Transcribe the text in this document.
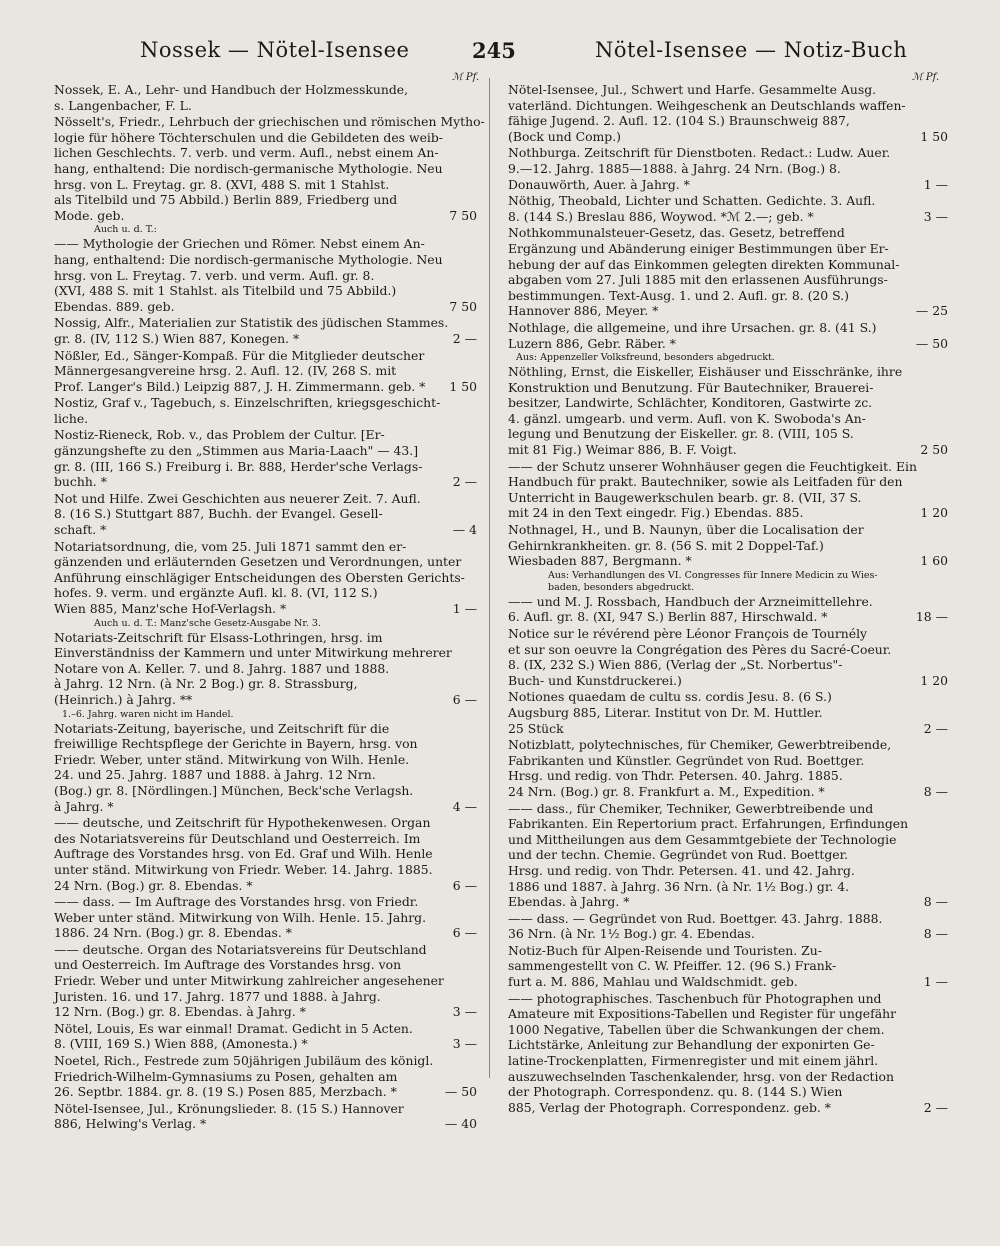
Nossek — Nötel-Isensee	245	Nötel-Isensee — Notiz-Buch
ℳ Pf.	ℳ Pf.
Nossek, E. A., Lehr- und Handbuch der Holzmesskunde,
s. Langenbacher, F. L.
Nösselt's, Friedr., Lehrbuch der griechischen und römischen Mytho-
logie für höhere Töchterschulen und die Gebildeten des weib-
lichen Geschlechts. 7. verb. und verm. Aufl., nebst einem An-
hang, enthaltend: Die nordisch-germanische Mythologie. Neu
hrsg. von L. Freytag. gr. 8. (XVI, 488 S. mit 1 Stahlst.
als Titelbild und 75 Abbild.) Berlin 889, Friedberg und
Mode. geb.	7 50
Auch u. d. T.:
—— Mythologie der Griechen und Römer. Nebst einem An-
hang, enthaltend: Die nordisch-germanische Mythologie. Neu
hrsg. von L. Freytag. 7. verb. und verm. Aufl. gr. 8.
(XVI, 488 S. mit 1 Stahlst. als Titelbild und 75 Abbild.)
Ebendas. 889. geb.	7 50
Nossig, Alfr., Materialien zur Statistik des jüdischen Stammes.
gr. 8. (IV, 112 S.) Wien 887, Konegen. *	2 —
Nößler, Ed., Sänger-Kompaß. Für die Mitglieder deutscher
Männergesangvereine hrsg. 2. Aufl. 12. (IV, 268 S. mit
Prof. Langer's Bild.) Leipzig 887, J. H. Zimmermann. geb. * 1 50
Nostiz, Graf v., Tagebuch, s. Einzelschriften, kriegsgeschicht-
liche.
Nostiz-Rieneck, Rob. v., das Problem der Cultur. [Er-
gänzungshefte zu den „Stimmen aus Maria-Laach" — 43.]
gr. 8. (III, 166 S.) Freiburg i. Br. 888, Herder'sche Verlags-
buchh. *	2 —
Not und Hilfe. Zwei Geschichten aus neuerer Zeit. 7. Aufl.
8. (16 S.) Stuttgart 887, Buchh. der Evangel. Gesell-
schaft. *	— 4
Notariatsordnung, die, vom 25. Juli 1871 sammt den er-
gänzenden und erläuternden Gesetzen und Verordnungen, unter
Anführung einschlägiger Entscheidungen des Obersten Gerichts-
hofes. 9. verm. und ergänzte Aufl. kl. 8. (VI, 112 S.)
Wien 885, Manz'sche Hof-Verlagsh. *	1 —
Auch u. d. T.: Manz'sche Gesetz-Ausgabe Nr. 3.
Notariats-Zeitschrift für Elsass-Lothringen, hrsg. im
Einverständniss der Kammern und unter Mitwirkung mehrerer
Notare von A. Keller. 7. und 8. Jahrg. 1887 und 1888.
à Jahrg. 12 Nrn. (à Nr. 2 Bog.) gr. 8. Strassburg,
(Heinrich.) à Jahrg. **	6 —
1.–6. Jahrg. waren nicht im Handel.
Notariats-Zeitung, bayerische, und Zeitschrift für die
freiwillige Rechtspflege der Gerichte in Bayern, hrsg. von
Friedr. Weber, unter ständ. Mitwirkung von Wilh. Henle.
24. und 25. Jahrg. 1887 und 1888. à Jahrg. 12 Nrn.
(Bog.) gr. 8. [Nördlingen.] München, Beck'sche Verlagsh.
à Jahrg. *	4 —
—— deutsche, und Zeitschrift für Hypothekenwesen. Organ
des Notariatsvereins für Deutschland und Oesterreich. Im
Auftrage des Vorstandes hrsg. von Ed. Graf und Wilh. Henle
unter ständ. Mitwirkung von Friedr. Weber. 14. Jahrg. 1885.
24 Nrn. (Bog.) gr. 8. Ebendas. *	6 —
—— dass. — Im Auftrage des Vorstandes hrsg. von Friedr.
Weber unter ständ. Mitwirkung von Wilh. Henle. 15. Jahrg.
1886. 24 Nrn. (Bog.) gr. 8. Ebendas. *	6 —
—— deutsche. Organ des Notariatsvereins für Deutschland
und Oesterreich. Im Auftrage des Vorstandes hrsg. von
Friedr. Weber und unter Mitwirkung zahlreicher angesehener
Juristen. 16. und 17. Jahrg. 1877 und 1888. à Jahrg.
12 Nrn. (Bog.) gr. 8. Ebendas. à Jahrg. *	3 —
Nötel, Louis, Es war einmal! Dramat. Gedicht in 5 Acten.
8. (VIII, 169 S.) Wien 888, (Amonesta.) *	3 —
Noetel, Rich., Festrede zum 50jährigen Jubiläum des königl.
Friedrich-Wilhelm-Gymnasiums zu Posen, gehalten am
26. Septbr. 1884. gr. 8. (19 S.) Posen 885, Merzbach. *	— 50
Nötel-Isensee, Jul., Krönungslieder. 8. (15 S.) Hannover
886, Helwing's Verlag. *	— 40
Nötel-Isensee, Jul., Schwert und Harfe. Gesammelte Ausg.
vaterländ. Dichtungen. Weihgeschenk an Deutschlands waffen-
fähige Jugend. 2. Aufl. 12. (104 S.) Braunschweig 887,
(Bock und Comp.)	1 50
Nothburga. Zeitschrift für Dienstboten. Redact.: Ludw. Auer.
9.—12. Jahrg. 1885—1888. à Jahrg. 24 Nrn. (Bog.) 8.
Donauwörth, Auer. à Jahrg. *	1 —
Nöthig, Theobald, Lichter und Schatten. Gedichte. 3. Aufl.
8. (144 S.) Breslau 886, Woywod. *ℳ 2.—; geb. *	3 —
Nothkommunalsteuer-Gesetz, das. Gesetz, betreffend
Ergänzung und Abänderung einiger Bestimmungen über Er-
hebung der auf das Einkommen gelegten direkten Kommunal-
abgaben vom 27. Juli 1885 mit den erlassenen Ausführungs-
bestimmungen. Text-Ausg. 1. und 2. Aufl. gr. 8. (20 S.)
Hannover 886, Meyer. *	— 25
Nothlage, die allgemeine, und ihre Ursachen. gr. 8. (41 S.)
Luzern 886, Gebr. Räber. *	— 50
Aus: Appenzeller Volksfreund, besonders abgedruckt.
Nöthling, Ernst, die Eiskeller, Eishäuser und Eisschränke, ihre
Konstruktion und Benutzung. Für Bautechniker, Brauerei-
besitzer, Landwirte, Schlächter, Konditoren, Gastwirte zc.
4. gänzl. umgearb. und verm. Aufl. von K. Swoboda's An-
legung und Benutzung der Eiskeller. gr. 8. (VIII, 105 S.
mit 81 Fig.) Weimar 886, B. F. Voigt.	2 50
—— der Schutz unserer Wohnhäuser gegen die Feuchtigkeit. Ein
Handbuch für prakt. Bautechniker, sowie als Leitfaden für den
Unterricht in Baugewerkschulen bearb. gr. 8. (VII, 37 S.
mit 24 in den Text eingedr. Fig.) Ebendas. 885.	1 20
Nothnagel, H., und B. Naunyn, über die Localisation der
Gehirnkrankheiten. gr. 8. (56 S. mit 2 Doppel-Taf.)
Wiesbaden 887, Bergmann. *	1 60
Aus: Verhandlungen des VI. Congresses für Innere Medicin zu Wies-
baden, besonders abgedruckt.
—— und M. J. Rossbach, Handbuch der Arzneimittellehre.
6. Aufl. gr. 8. (XI, 947 S.) Berlin 887, Hirschwald. *	18 —
Notice sur le révérend père Léonor François de Tournély
et sur son oeuvre la Congrégation des Pères du Sacré-Coeur.
8. (IX, 232 S.) Wien 886, (Verlag der „St. Norbertus"-
Buch- und Kunstdruckerei.)	1 20
Notiones quaedam de cultu ss. cordis Jesu. 8. (6 S.)
Augsburg 885, Literar. Institut von Dr. M. Huttler.
25 Stück	2 —
Notizblatt, polytechnisches, für Chemiker, Gewerbtreibende,
Fabrikanten und Künstler. Gegründet von Rud. Boettger.
Hrsg. und redig. von Thdr. Petersen. 40. Jahrg. 1885.
24 Nrn. (Bog.) gr. 8. Frankfurt a. M., Expedition. *	8 —
—— dass., für Chemiker, Techniker, Gewerbtreibende und
Fabrikanten. Ein Repertorium pract. Erfahrungen, Erfindungen
und Mittheilungen aus dem Gesammtgebiete der Technologie
und der techn. Chemie. Gegründet von Rud. Boettger.
Hrsg. und redig. von Thdr. Petersen. 41. und 42. Jahrg.
1886 und 1887. à Jahrg. 36 Nrn. (à Nr. 1½ Bog.) gr. 4.
Ebendas. à Jahrg. *	8 —
—— dass. — Gegründet von Rud. Boettger. 43. Jahrg. 1888.
36 Nrn. (à Nr. 1½ Bog.) gr. 4. Ebendas.	8 —
Notiz-Buch für Alpen-Reisende und Touristen. Zu-
sammengestellt von C. W. Pfeiffer. 12. (96 S.) Frank-
furt a. M. 886, Mahlau und Waldschmidt. geb.	1 —
—— photographisches. Taschenbuch für Photographen und
Amateure mit Expositions-Tabellen und Register für ungefähr
1000 Negative, Tabellen über die Schwankungen der chem.
Lichtstärke, Anleitung zur Behandlung der exponirten Ge-
latine-Trockenplatten, Firmenregister und mit einem jährl.
auszuwechselnden Taschenkalender, hrsg. von der Redaction
der Photograph. Correspondenz. qu. 8. (144 S.) Wien
885, Verlag der Photograph. Correspondenz. geb. *	2 —
